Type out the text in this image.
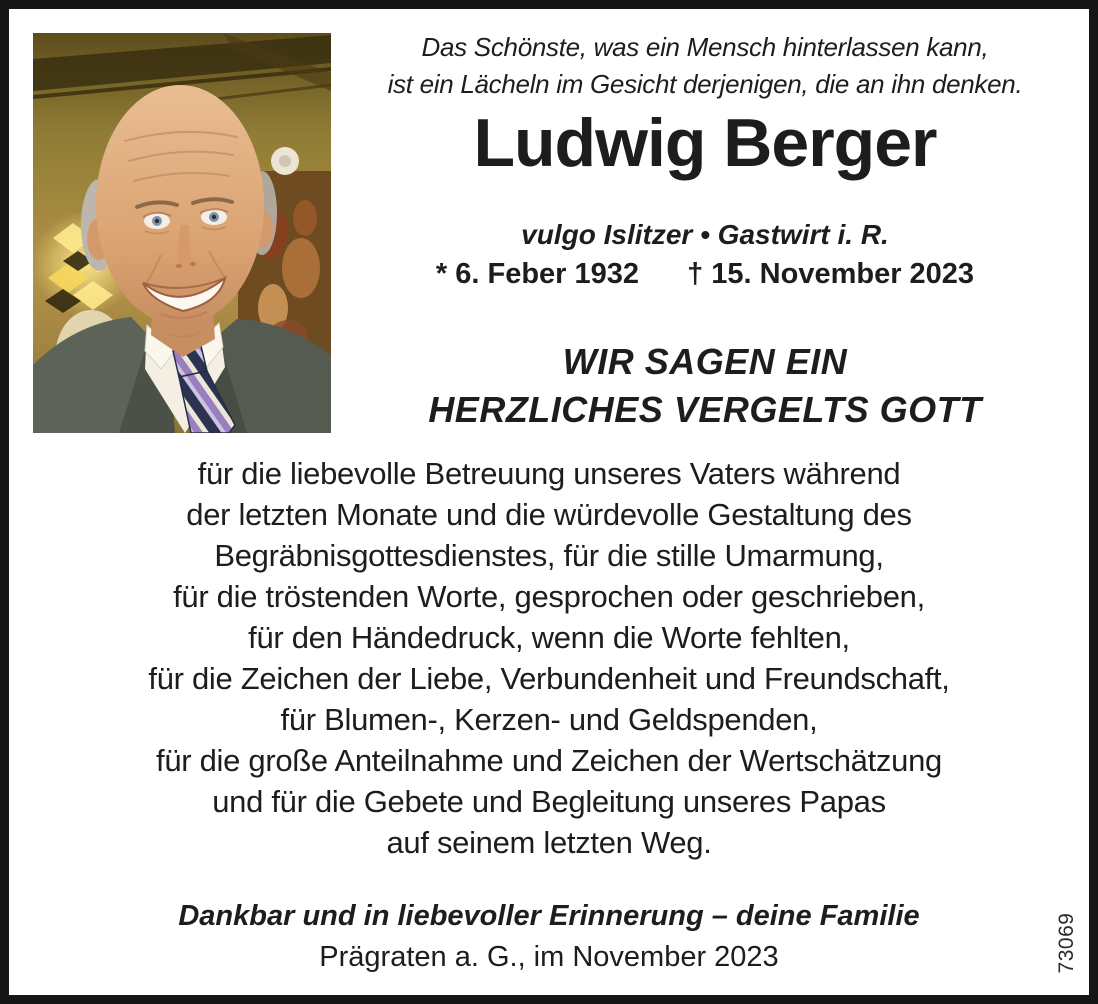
Das Schönste, was ein Mensch hinterlassen kann,
ist ein Lächeln im Gesicht derjenigen, die an ihn denken.
Ludwig Berger
vulgo Islitzer • Gastwirt i. R.
* 6. Feber 1932 † 15. November 2023
WIR SAGEN EIN
HERZLICHES VERGELTS GOTT
für die liebevolle Betreuung unseres Vaters während
der letzten Monate und die würdevolle Gestaltung des
Begräbnisgottesdienstes, für die stille Umarmung,
für die tröstenden Worte, gesprochen oder geschrieben,
für den Händedruck, wenn die Worte fehlten,
für die Zeichen der Liebe, Verbundenheit und Freundschaft,
für Blumen-, Kerzen- und Geldspenden,
für die große Anteilnahme und Zeichen der Wertschätzung
und für die Gebete und Begleitung unseres Papas
auf seinem letzten Weg.
Dankbar und in liebevoller Erinnerung – deine Familie
Prägraten a. G., im November 2023	73069
